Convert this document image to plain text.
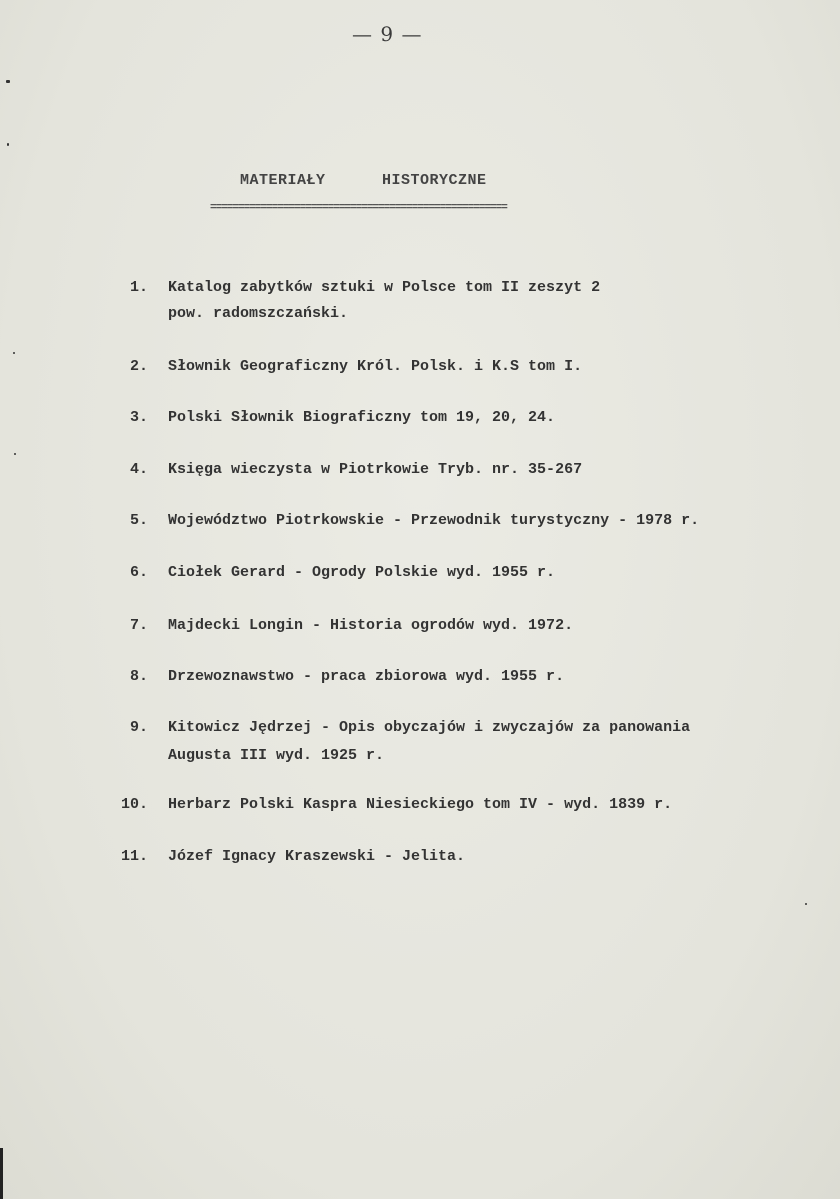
— 9 —
MATERIAŁY	HISTORYCZNE
=====================================================
1. Katalog zabytków sztuki w Polsce tom II zeszyt 2
pow. radomszczański.
2. Słownik Geograficzny Król. Polsk. i K.S tom I.
3. Polski Słownik Biograficzny tom 19, 20, 24.
4. Księga wieczysta w Piotrkowie Tryb. nr. 35-267
5. Województwo Piotrkowskie - Przewodnik turystyczny - 1978 r.
6. Ciołek Gerard - Ogrody Polskie wyd. 1955 r.
7. Majdecki Longin - Historia ogrodów wyd. 1972.
8. Drzewoznawstwo - praca zbiorowa wyd. 1955 r.
9. Kitowicz Jędrzej - Opis obyczajów i zwyczajów za panowania
Augusta III wyd. 1925 r.
10. Herbarz Polski Kaspra Niesieckiego tom IV - wyd. 1839 r.
11. Józef Ignacy Kraszewski - Jelita.
